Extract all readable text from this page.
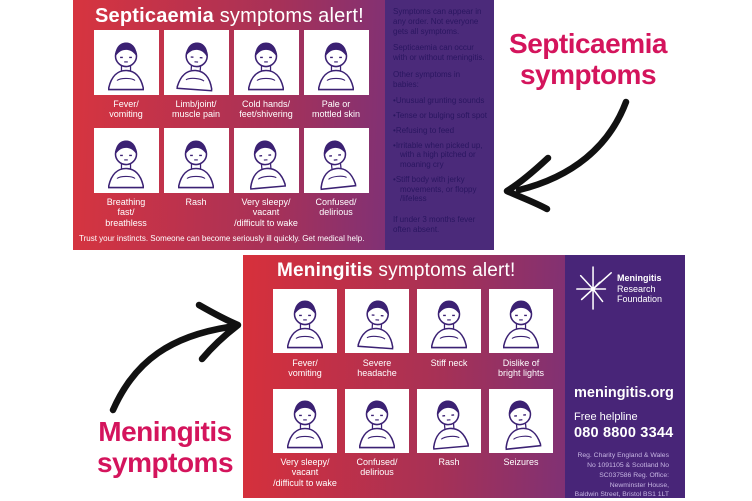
Septicaemia symptoms alert!
Fever/
vomiting
Limb/joint/
muscle pain
Cold hands/
feet/shivering
Pale or
mottled skin
Breathing
fast/
breathless
Rash	Very sleepy/
vacant
/difficult to wake
Confused/
delirious

Symptoms can appear in any order. Not everyone gets all symptoms.

Septicaemia can occur with or without meningitis.

Other symptoms in babies:

• Unusual grunting sounds
• Tense or bulging soft spot
• Refusing to feed
• Irritable when picked up, with a high pitched or moaning cry
• Stiff body with jerky movements, or floppy /lifeless

If under 3 months fever often absent.

Trust your instincts. Someone can become seriously ill quickly. Get medical help.
Meningitis symptoms alert!
Fever/
vomiting
Severe
headache
Stiff neck	Dislike of
bright lights
Very sleepy/
vacant
/difficult to wake
Confused/
delirious
Rash	Seizures
Meningitis
Research
Foundation
meningitis.org
Free helpline
080 8800 3344
Reg. Charity England & Wales
No 1091105 & Scotland No
SC037586 Reg. Office:
Newminster House,
Baldwin Street, Bristol BS1 1LT
Septicaemia
symptoms
Meningitis
symptoms
